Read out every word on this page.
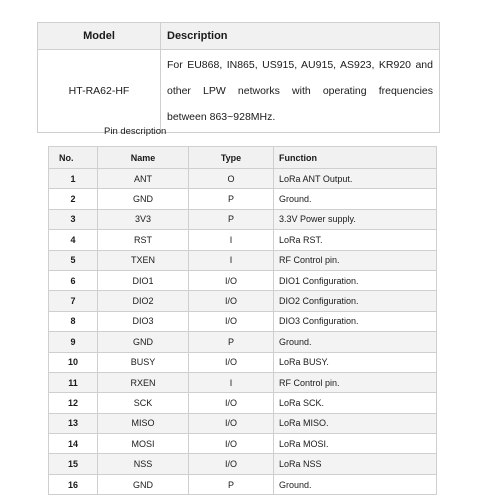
Model	Description
HT-RA62-HF	For EU868, IN865, US915, AU915, AS923, KR920 and
other LPW networks with operating frequencies
between 863~928MHz.
Pin description
No.	Name	Type	Function
1	ANT	O	LoRa ANT Output.
2	GND	P	Ground.
3	3V3	P	3.3V Power supply.
4	RST	I	LoRa RST.
5	TXEN	I	RF Control pin.
6	DIO1	I/O	DIO1 Configuration.
7	DIO2	I/O	DIO2 Configuration.
8	DIO3	I/O	DIO3 Configuration.
9	GND	P	Ground.
10	BUSY	I/O	LoRa BUSY.
11	RXEN	I	RF Control pin.
12	SCK	I/O	LoRa SCK.
13	MISO	I/O	LoRa MISO.
14	MOSI	I/O	LoRa MOSI.
15	NSS	I/O	LoRa NSS
16	GND	P	Ground.
